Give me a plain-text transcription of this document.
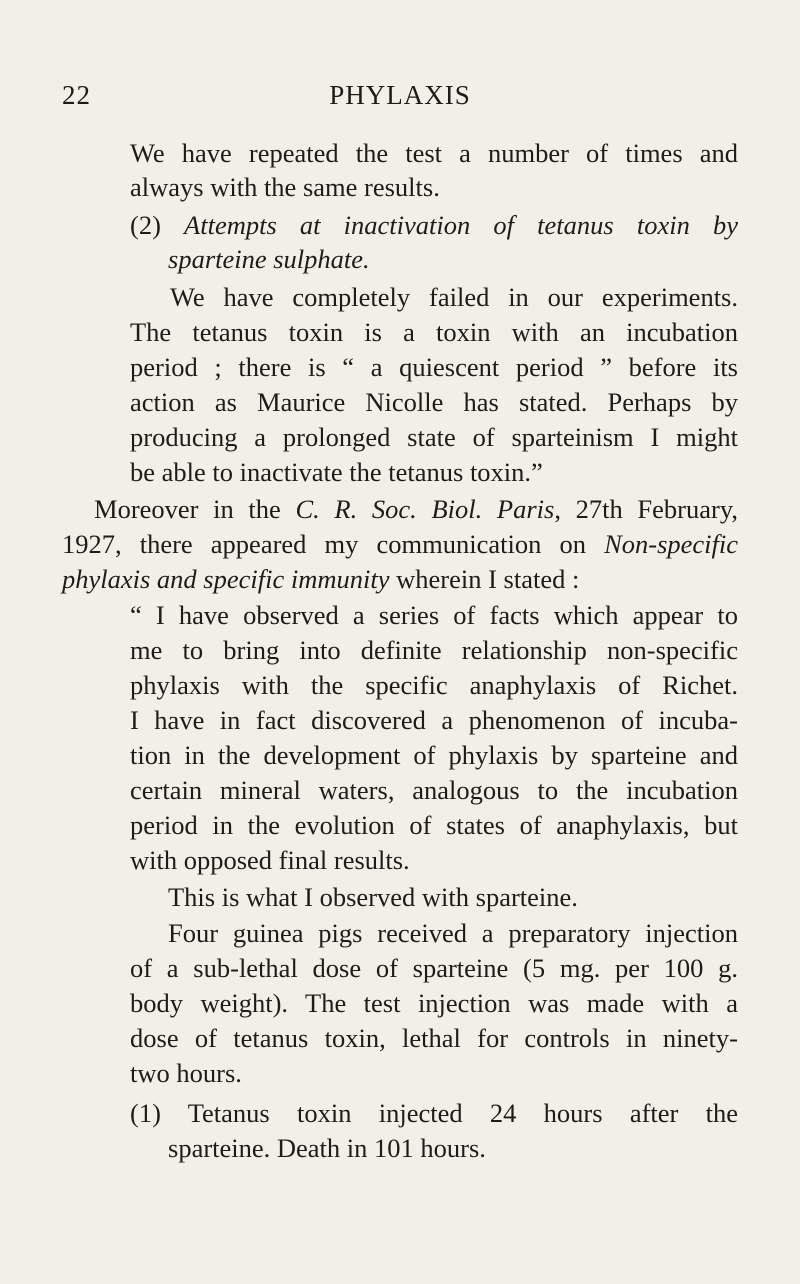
22	PHYLAXIS
We have repeated the test a number of times and
always with the same results.
(2) Attempts at inactivation of tetanus toxin by
sparteine sulphate.
We have completely failed in our experiments.
The tetanus toxin is a toxin with an incubation
period ; there is “ a quiescent period ” before its
action as Maurice Nicolle has stated. Perhaps by
producing a prolonged state of sparteinism I might
be able to inactivate the tetanus toxin.”
Moreover in the C. R. Soc. Biol. Paris, 27th February,
1927, there appeared my communication on Non-specific
phylaxis and specific immunity wherein I stated :
“ I have observed a series of facts which appear to
me to bring into definite relationship non-specific
phylaxis with the specific anaphylaxis of Richet.
I have in fact discovered a phenomenon of incuba-
tion in the development of phylaxis by sparteine and
certain mineral waters, analogous to the incubation
period in the evolution of states of anaphylaxis, but
with opposed final results.
This is what I observed with sparteine.
Four guinea pigs received a preparatory injection
of a sub-lethal dose of sparteine (5 mg. per 100 g.
body weight). The test injection was made with a
dose of tetanus toxin, lethal for controls in ninety-
two hours.
(1) Tetanus toxin injected 24 hours after the
sparteine. Death in 101 hours.
